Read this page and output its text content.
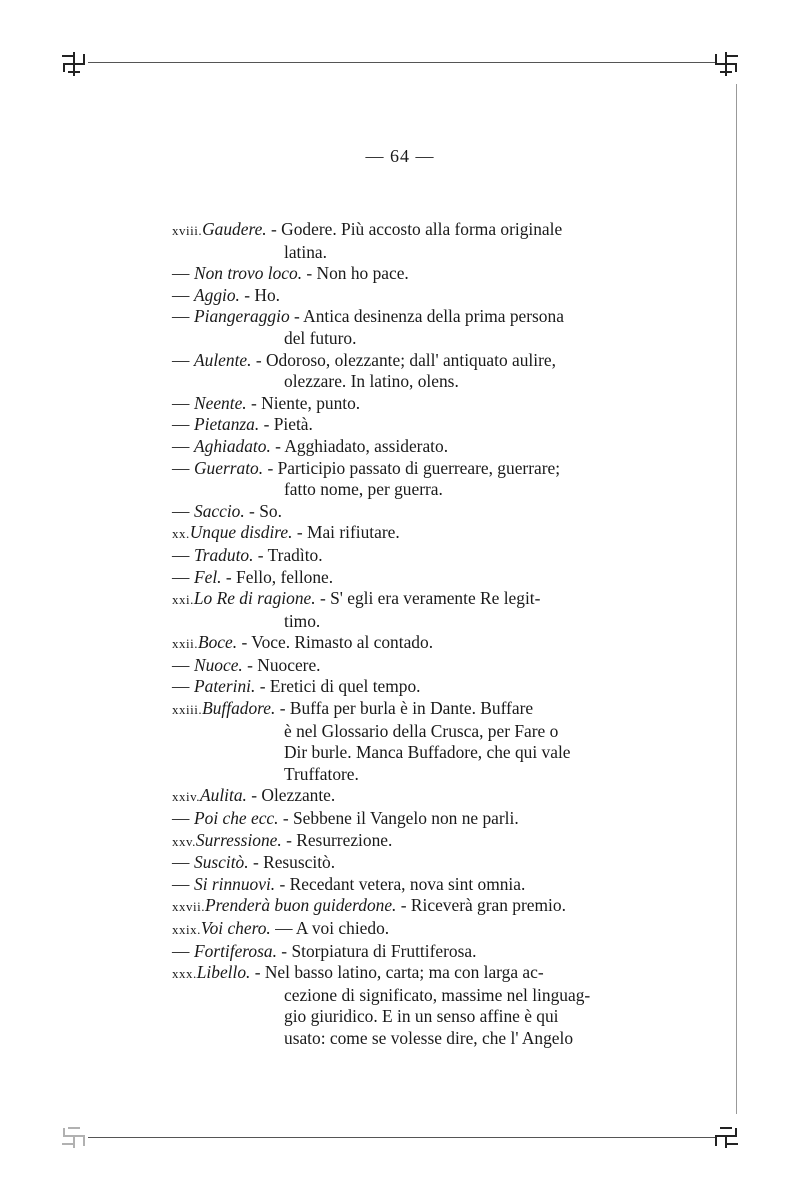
— 64 —
xviii. Gaudere. - Godere. Più accosto alla forma originale
latina.
— Non trovo loco. - Non ho pace.
— Aggio. - Ho.
— Piangeraggio - Antica desinenza della prima persona
del futuro.
— Aulente. - Odoroso, olezzante; dall' antiquato aulire,
olezzare. In latino, olens.
— Neente. - Niente, punto.
— Pietanza. - Pietà.
— Aghiadato. - Agghiadato, assiderato.
— Guerrato. - Participio passato di guerreare, guerrare;
fatto nome, per guerra.
— Saccio. - So.
xx. Unque disdire. - Mai rifiutare.
— Traduto. - Tradìto.
— Fel. - Fello, fellone.
xxi. Lo Re di ragione. - S' egli era veramente Re legit-
timo.
xxii. Boce. - Voce. Rimasto al contado.
— Nuoce. - Nuocere.
— Paterini. - Eretici di quel tempo.
xxiii. Buffadore. - Buffa per burla è in Dante. Buffare
è nel Glossario della Crusca, per Fare o
Dir burle. Manca Buffadore, che qui vale
Truffatore.
xxiv. Aulita. - Olezzante.
— Poi che ecc. - Sebbene il Vangelo non ne parli.
xxv. Surressione. - Resurrezione.
— Suscitò. - Resuscitò.
— Si rinnuovi. - Recedant vetera, nova sint omnia.
xxvii. Prenderà buon guiderdone. - Riceverà gran premio.
xxix. Voi chero. — A voi chiedo.
— Fortiferosa. - Storpiatura di Fruttiferosa.
xxx. Libello. - Nel basso latino, carta; ma con larga ac-
cezione di significato, massime nel linguag-
gio giuridico. E in un senso affine è qui
usato: come se volesse dire, che l' Angelo
